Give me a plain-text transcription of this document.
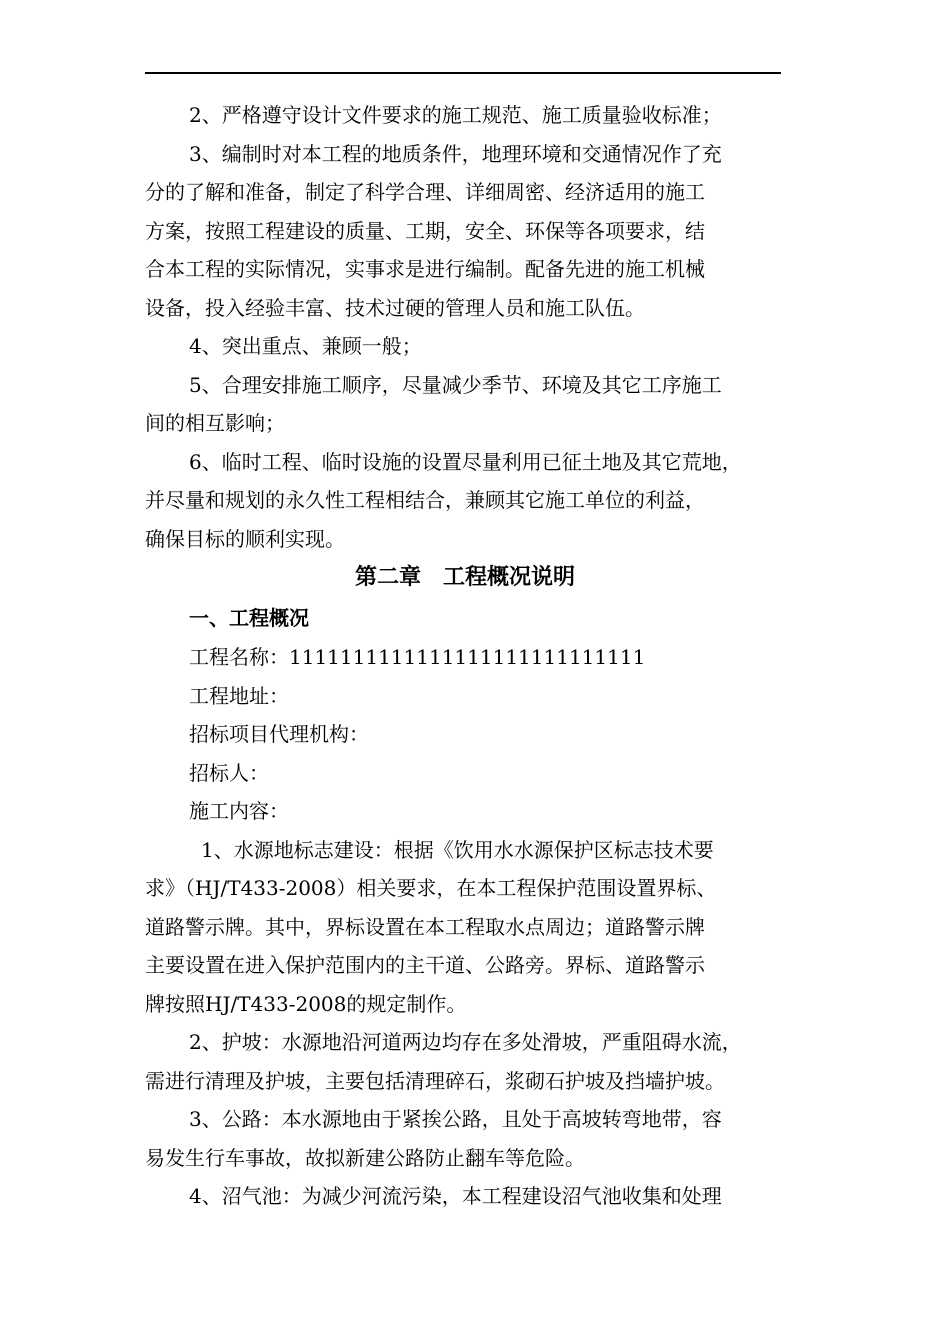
2、严格遵守设计文件要求的施工规范、施工质量验收标准；
3、编制时对本工程的地质条件，地理环境和交通情况作了充
分的了解和准备，制定了科学合理、详细周密、经济适用的施工
方案，按照工程建设的质量、工期，安全、环保等各项要求，结
合本工程的实际情况，实事求是进行编制。配备先进的施工机械
设备，投入经验丰富、技术过硬的管理人员和施工队伍。
4、突出重点、兼顾一般；
5、合理安排施工顺序，尽量减少季节、环境及其它工序施工
间的相互影响；
6、临时工程、临时设施的设置尽量利用已征土地及其它荒地，
并尽量和规划的永久性工程相结合，兼顾其它施工单位的利益，
确保目标的顺利实现。
第二章　工程概况说明
一、工程概况

工程名称：1111111111111111111111111111

工程地址：

招标项目代理机构：

招标人：

施工内容：

1、水源地标志建设：根据《饮用水水源保护区标志技术要
求》（HJ/T433-2008）相关要求，在本工程保护范围设置界标、
道路警示牌。其中，界标设置在本工程取水点周边；道路警示牌
主要设置在进入保护范围内的主干道、公路旁。界标、道路警示
牌按照HJ/T433-2008的规定制作。
2、护坡：水源地沿河道两边均存在多处滑坡，严重阻碍水流，
需进行清理及护坡，主要包括清理碎石，浆砌石护坡及挡墙护坡。
3、公路：本水源地由于紧挨公路，且处于高坡转弯地带，容
易发生行车事故，故拟新建公路防止翻车等危险。
4、沼气池：为减少河流污染，本工程建设沼气池收集和处理
